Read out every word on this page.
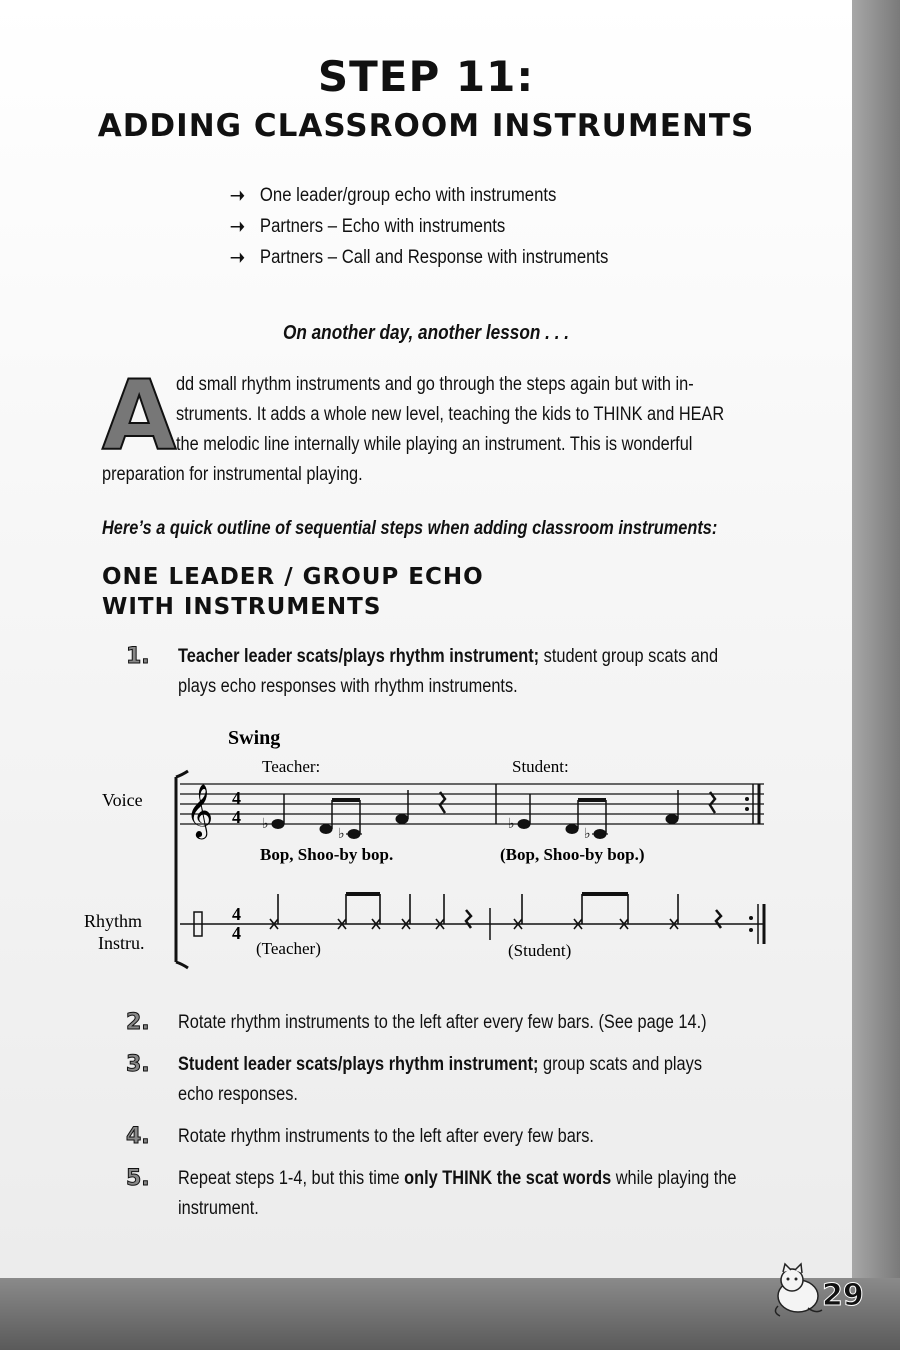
STEP 11:
ADDING CLASSROOM INSTRUMENTS
➝ One leader/group echo with instruments
➝ Partners – Echo with instruments
➝ Partners – Call and Response with instruments
On another day, another lesson . . .
A dd small rhythm instruments and go through the steps again but with in-
struments. It adds a whole new level, teaching the kids to THINK and HEAR
the melodic line internally while playing an instrument. This is wonderful
preparation for instrumental playing.
Here’s a quick outline of sequential steps when adding classroom instruments:
ONE LEADER / GROUP ECHO
WITH INSTRUMENTS
1.	Teacher leader scats/plays rhythm instrument; student group scats and plays echo responses with rhythm instruments.
Swing
Teacher:	Student:
Voice
Rhythm
Instru.
𝄞 4
4 ♭
♭
♭
♭
Bop, Shoo-by bop.	(Bop, Shoo-by bop.)
4
4
(Teacher)	(Student)
2.	Rotate rhythm instruments to the left after every few bars. (See page 14.)
3.	Student leader scats/plays rhythm instrument; group scats and plays echo responses.
4.	Rotate rhythm instruments to the left after every few bars.
5.	Repeat steps 1-4, but this time only THINK the scat words while playing the instrument.
29
